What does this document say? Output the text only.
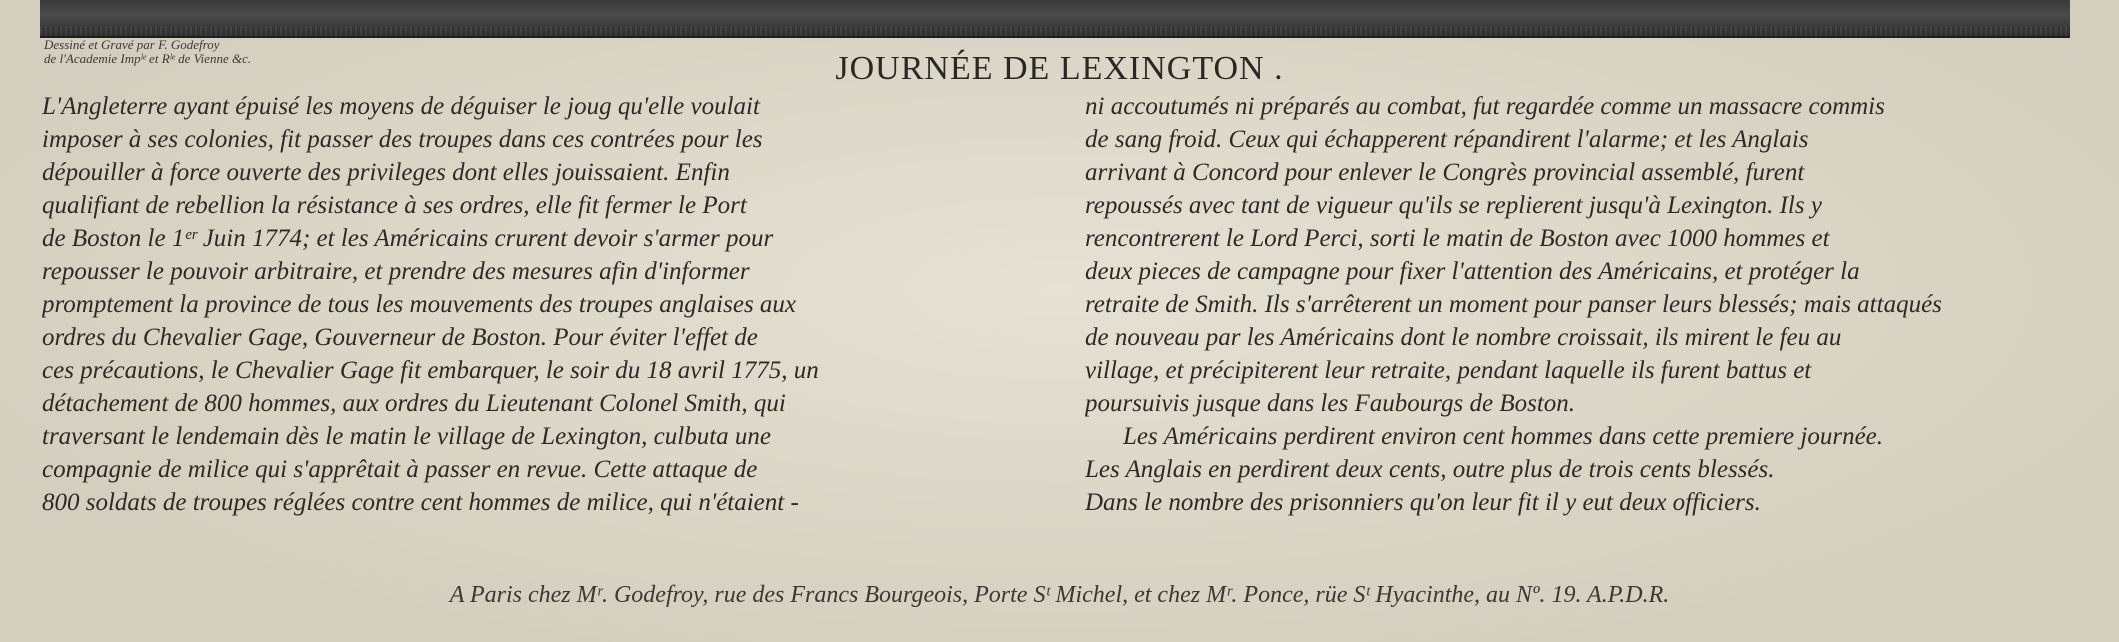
Dessiné et Gravé par F. Godefroy
de l'Academie Impˡᵉ et Rˡᵉ de Vienne &c.	JOURNÉE DE LEXINGTON .
L'Angleterre ayant épuisé les moyens de déguiser le joug qu'elle voulait
imposer à ses colonies, fit passer des troupes dans ces contrées pour les
dépouiller à force ouverte des privileges dont elles jouissaient. Enfin
qualifiant de rebellion la résistance à ses ordres, elle fit fermer le Port
de Boston le 1ᵉʳ Juin 1774; et les Américains crurent devoir s'armer pour
repousser le pouvoir arbitraire, et prendre des mesures afin d'informer
promptement la province de tous les mouvements des troupes anglaises aux
ordres du Chevalier Gage, Gouverneur de Boston. Pour éviter l'effet de
ces précautions, le Chevalier Gage fit embarquer, le soir du 18 avril 1775, un
détachement de 800 hommes, aux ordres du Lieutenant Colonel Smith, qui
traversant le lendemain dès le matin le village de Lexington, culbuta une
compagnie de milice qui s'apprêtait à passer en revue. Cette attaque de
800 soldats de troupes réglées contre cent hommes de milice, qui n'étaient -
ni accoutumés ni préparés au combat, fut regardée comme un massacre commis
de sang froid. Ceux qui échapperent répandirent l'alarme; et les Anglais
arrivant à Concord pour enlever le Congrès provincial assemblé, furent
repoussés avec tant de vigueur qu'ils se replierent jusqu'à Lexington. Ils y
rencontrerent le Lord Perci, sorti le matin de Boston avec 1000 hommes et
deux pieces de campagne pour fixer l'attention des Américains, et protéger la
retraite de Smith. Ils s'arrêterent un moment pour panser leurs blessés; mais attaqués
de nouveau par les Américains dont le nombre croissait, ils mirent le feu au
village, et précipiterent leur retraite, pendant laquelle ils furent battus et
poursuivis jusque dans les Faubourgs de Boston.
Les Américains perdirent environ cent hommes dans cette premiere journée.
Les Anglais en perdirent deux cents, outre plus de trois cents blessés.
Dans le nombre des prisonniers qu'on leur fit il y eut deux officiers.
A Paris chez Mʳ. Godefroy, rue des Francs Bourgeois, Porte Sᵗ Michel, et chez Mʳ. Ponce, rüe Sᵗ Hyacinthe, au Nº. 19. A.P.D.R.
